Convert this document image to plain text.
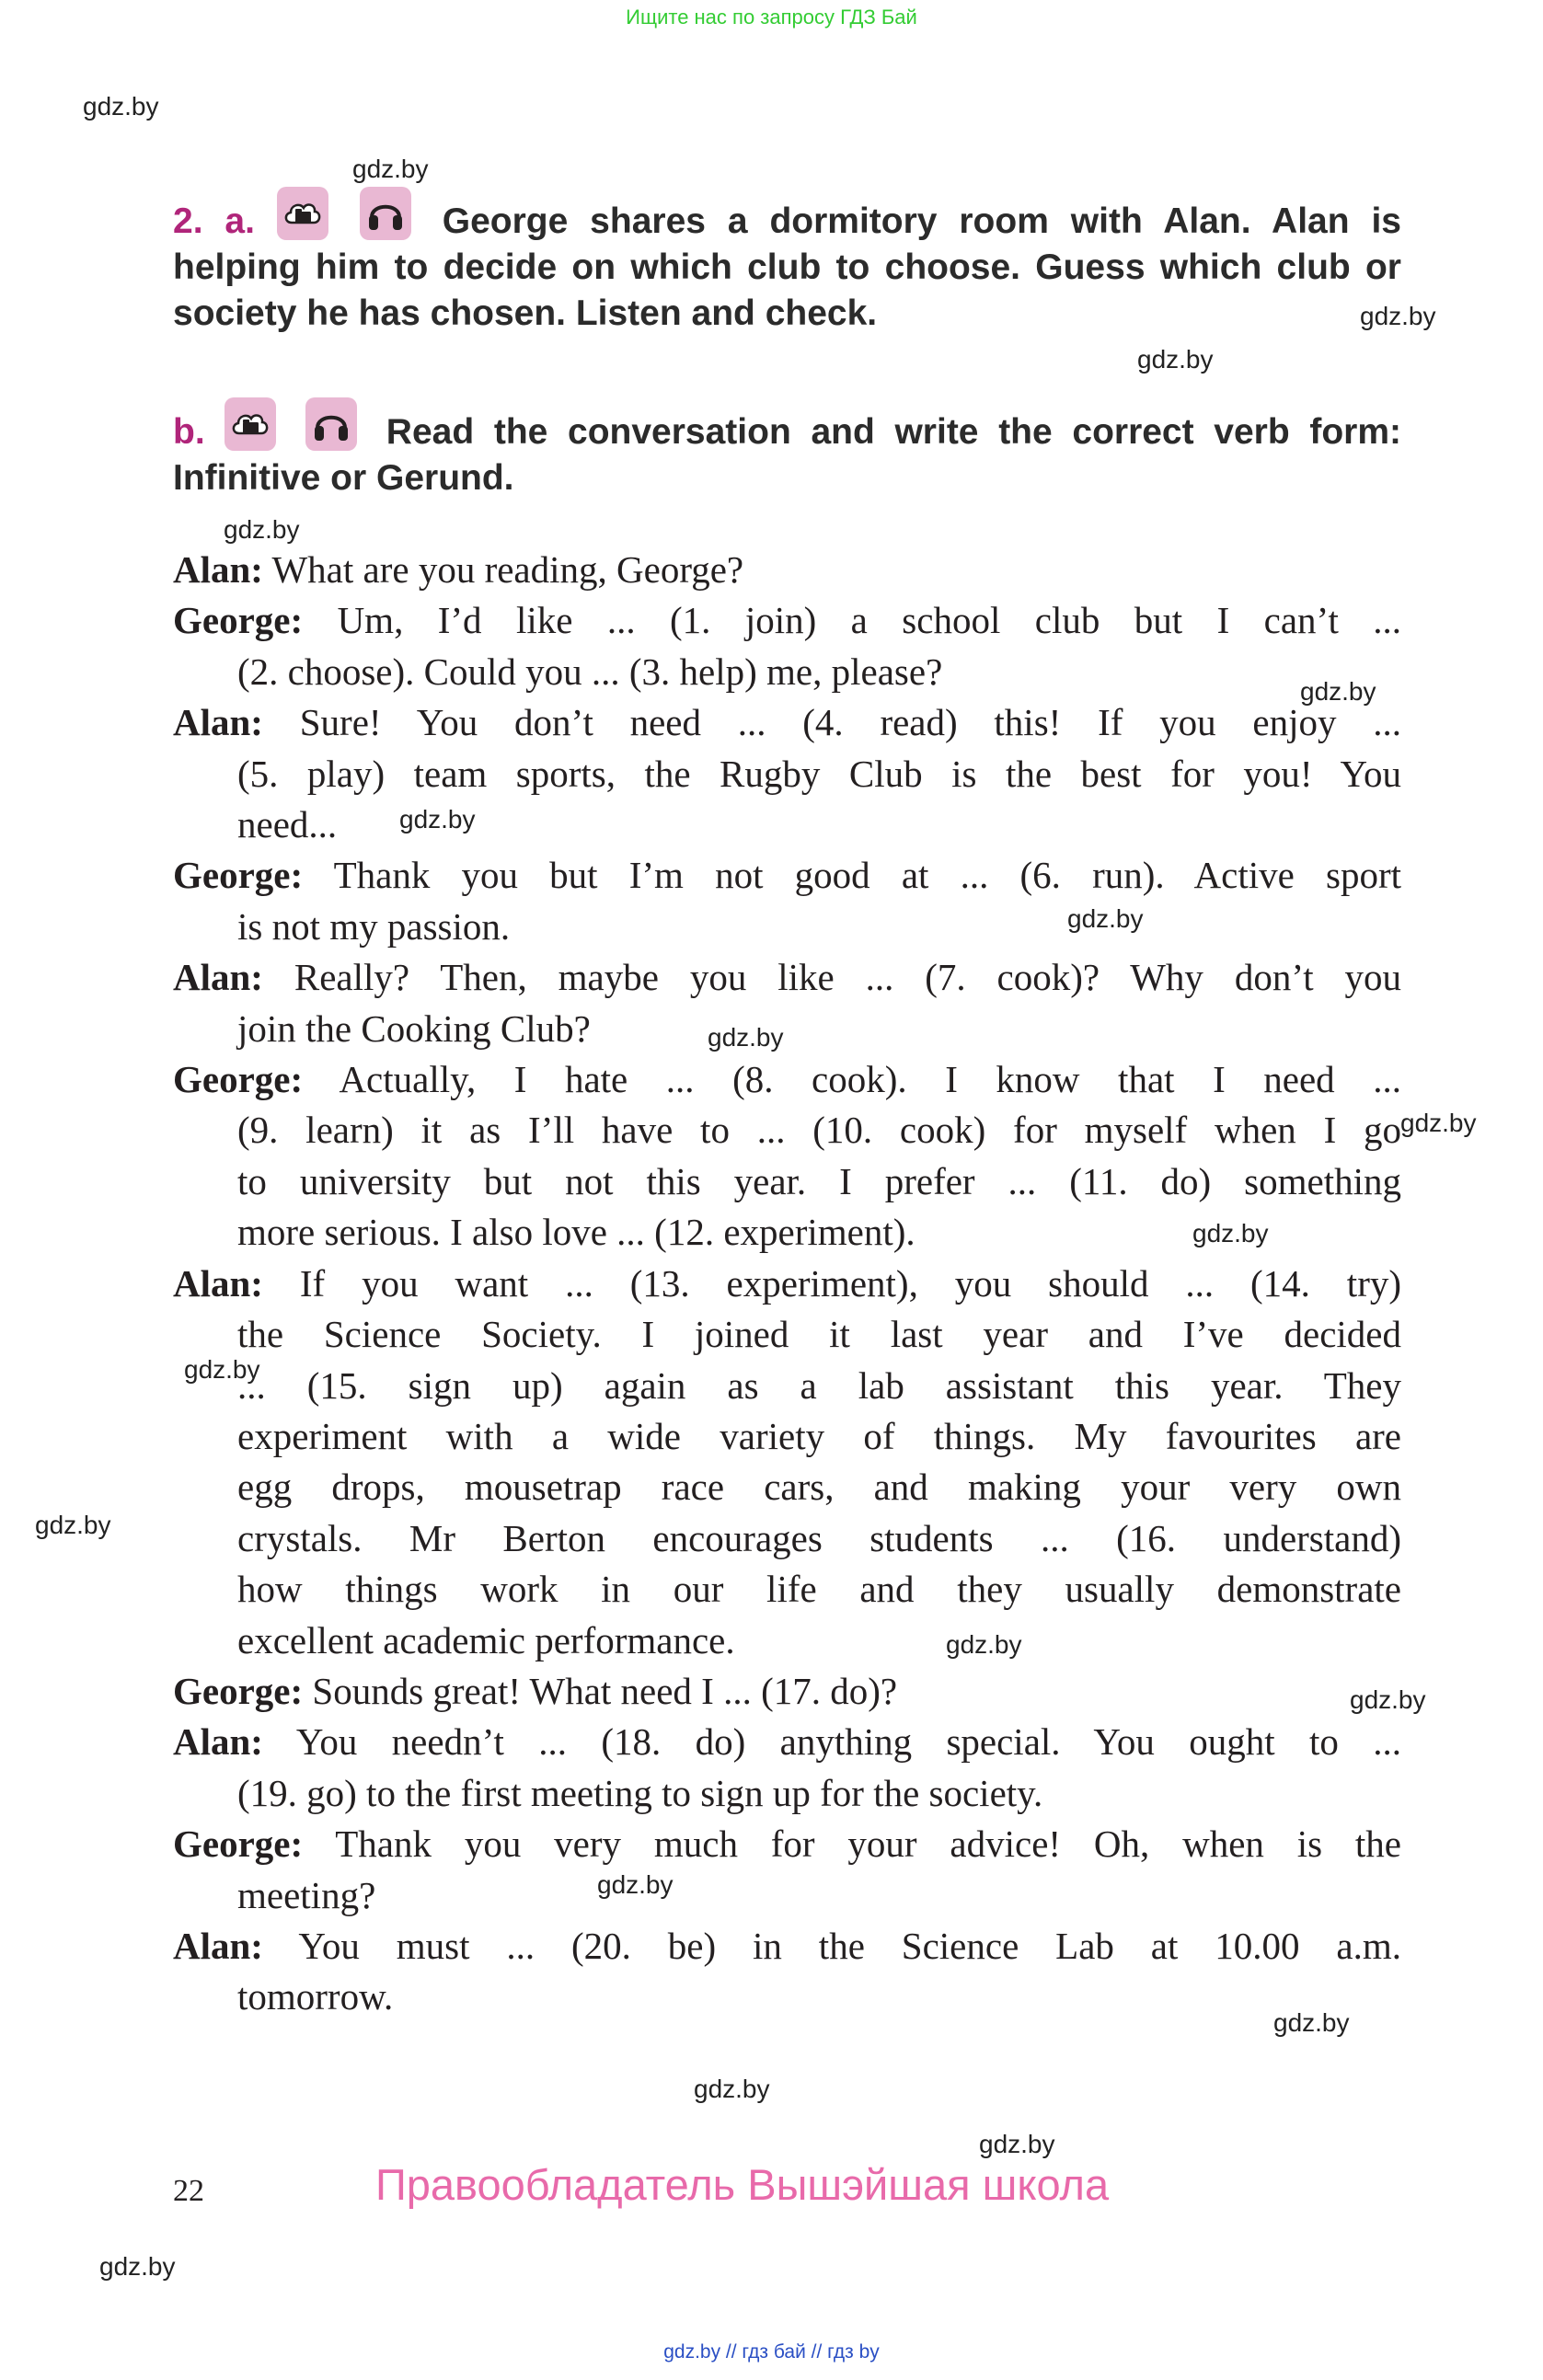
Ищите нас по запросу ГДЗ Бай
gdz.by
gdz.by
gdz.by
gdz.by
gdz.by
gdz.by
gdz.by
gdz.by
gdz.by
gdz.by
gdz.by
gdz.by
gdz.by
gdz.by
gdz.by
gdz.by
gdz.by
gdz.by
gdz.by
gdz.by
2. a.
	George shares a dormitory room with Alan. Alan is
helping him to decide on which club to choose. Guess which club or
society he has chosen. Listen and check.
b.
	Read the conversation and write the correct verb form:
Infinitive or Gerund.
Alan: What are you reading, George?
George: Um, I’d like ... (1. join) a school club but I can’t ...
(2. choose). Could you ... (3. help) me, please?
Alan: Sure! You don’t need ... (4. read) this! If you enjoy ...
(5. play) team sports, the Rugby Club is the best for you! You
need...
George: Thank you but I’m not good at ... (6. run). Active sport
is not my passion.
Alan: Really? Then, maybe you like ... (7. cook)? Why don’t you
join the Cooking Club?
George: Actually, I hate ... (8. cook). I know that I need ...
(9. learn) it as I’ll have to ... (10. cook) for myself when I go
to university but not this year. I prefer ... (11. do) something
more serious. I also love ... (12. experiment).
Alan: If you want ... (13. experiment), you should ... (14. try)
the Science Society. I joined it last year and I’ve decided
... (15. sign up) again as a lab assistant this year. They
experiment with a wide variety of things. My favourites are
egg drops, mousetrap race cars, and making your very own
crystals. Mr Berton encourages students ... (16. understand)
how things work in our life and they usually demonstrate
excellent academic performance.
George: Sounds great! What need I ... (17. do)?
Alan: You needn’t ... (18. do) anything special. You ought to ...
(19. go) to the first meeting to sign up for the society.
George: Thank you very much for your advice! Oh, when is the
meeting?
Alan: You must ... (20. be) in the Science Lab at 10.00 a.m.
tomorrow.
22	Правообладатель Вышэйшая школа
gdz.by // гдз бай // гдз by
